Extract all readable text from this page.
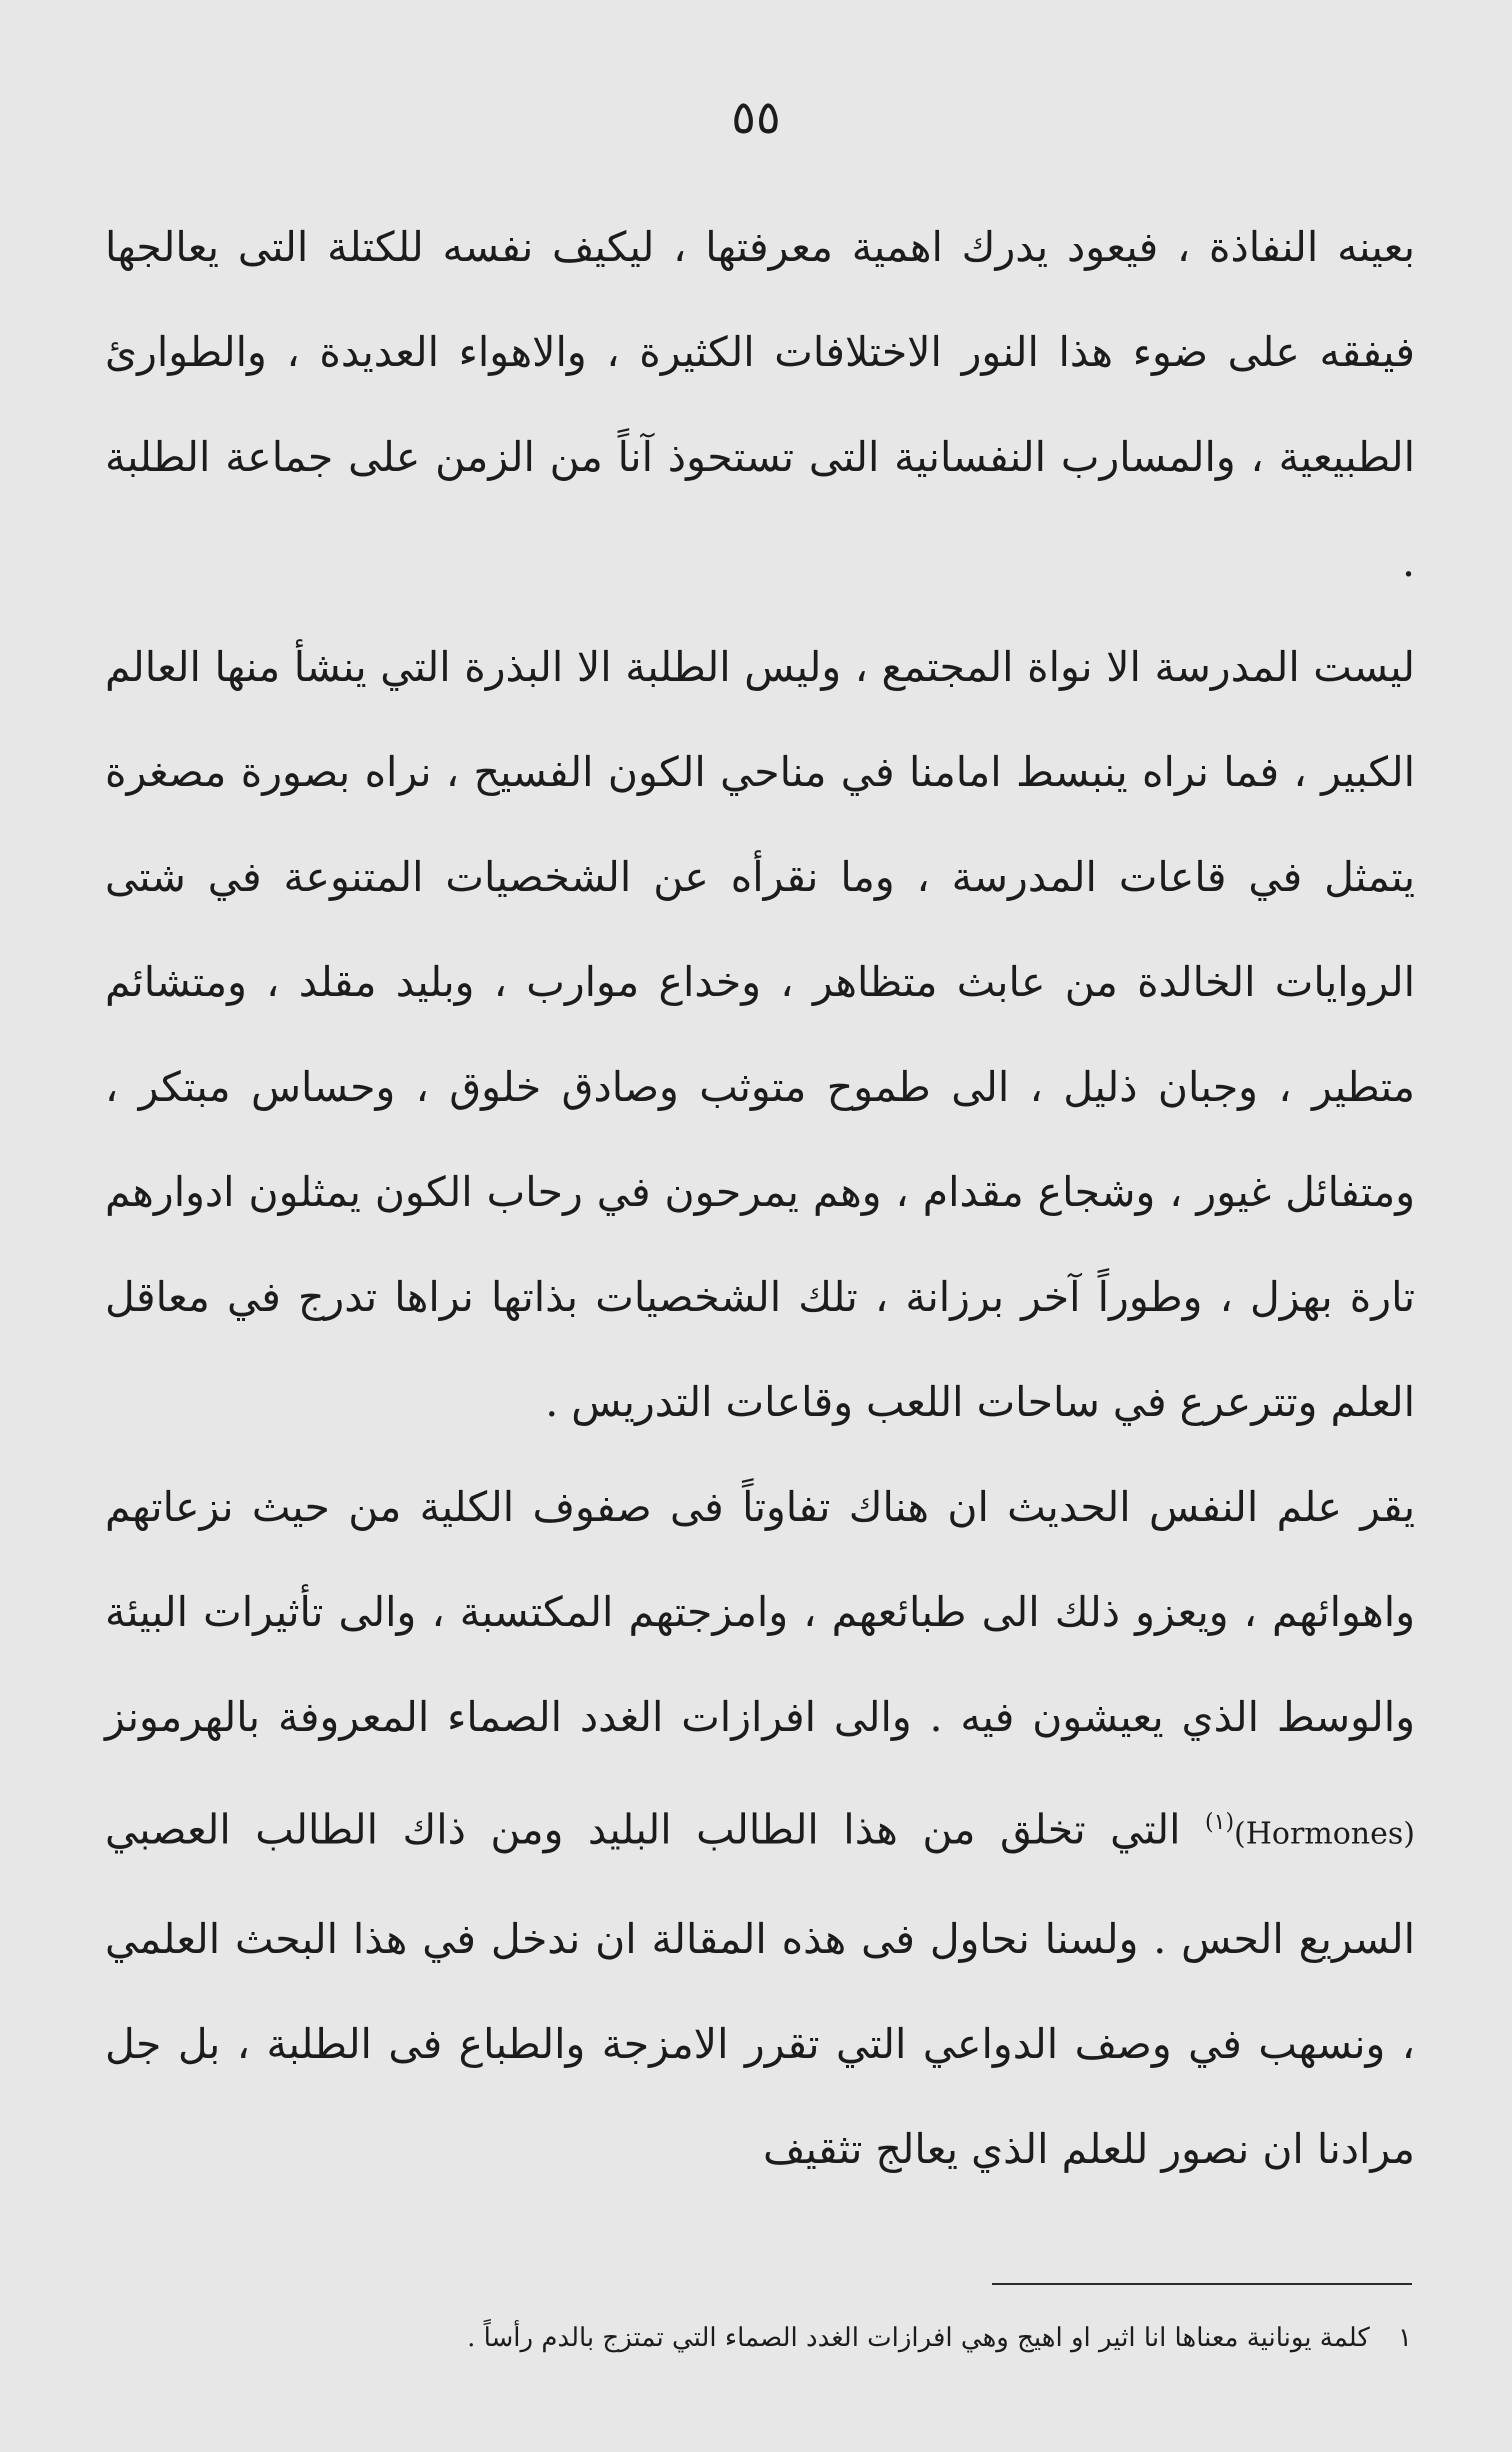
٥٥

بعينه النفاذة ، فيعود يدرك اهمية معرفتها ، ليكيف نفسه للكتلة التى يعالجها فيفقه على ضوء هذا النور الاختلافات الكثيرة ، والاهواء العديدة ، والطوارئ الطبيعية ، والمسارب النفسانية التى تستحوذ آناً من الزمن على جماعة الطلبة .

ليست المدرسة الا نواة المجتمع ، وليس الطلبة الا البذرة التي ينشأ منها العالم الكبير ، فما نراه ينبسط امامنا في مناحي الكون الفسيح ، نراه بصورة مصغرة يتمثل في قاعات المدرسة ، وما نقرأه عن الشخصيات المتنوعة في شتى الروايات الخالدة من عابث متظاهر ، وخداع موارب ، وبليد مقلد ، ومتشائم متطير ، وجبان ذليل ، الى طموح متوثب وصادق خلوق ، وحساس مبتكر ، ومتفائل غيور ، وشجاع مقدام ، وهم يمرحون في رحاب الكون يمثلون ادوارهم تارة بهزل ، وطوراً آخر برزانة ، تلك الشخصيات بذاتها نراها تدرج في معاقل العلم وتترعرع في ساحات اللعب وقاعات التدريس .

يقر علم النفس الحديث ان هناك تفاوتاً فى صفوف الكلية من حيث نزعاتهم واهوائهم ، ويعزو ذلك الى طبائعهم ، وامزجتهم المكتسبة ، والى تأثيرات البيئة والوسط الذي يعيشون فيه . والى افرازات الغدد الصماء المعروفة بالهرمونز (Hormones)$^{(١)}$ التي تخلق من هذا الطالب البليد ومن ذاك الطالب العصبي السريع الحس . ولسنا نحاول فى هذه المقالة ان ندخل في هذا البحث العلمي ، ونسهب في وصف الدواعي التي تقرر الامزجة والطباع فى الطلبة ، بل جل مرادنا ان نصور للعلم الذي يعالج تثقيف

١ كلمة يونانية معناها انا اثير او اهيج وهي افرازات الغدد الصماء التي تمتزج بالدم رأساً .
